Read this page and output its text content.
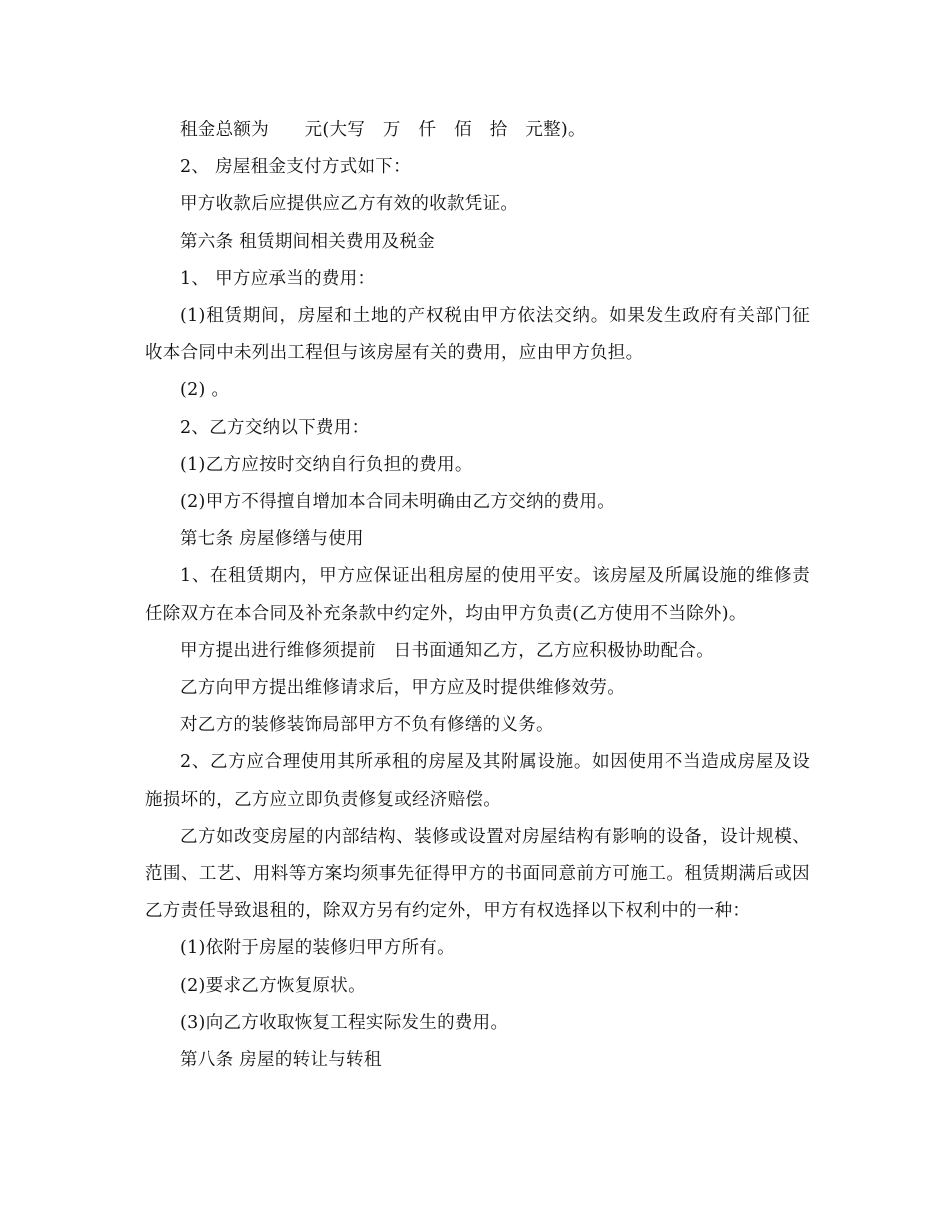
租金总额为　　元(大写　万　仟　佰　拾　元整)。

2、 房屋租金支付方式如下：

甲方收款后应提供应乙方有效的收款凭证。

第六条 租赁期间相关费用及税金

1、 甲方应承当的费用：

(1)租赁期间，房屋和土地的产权税由甲方依法交纳。如果发生政府有关部门征收本合同中未列出工程但与该房屋有关的费用，应由甲方负担。

(2) 。

2、乙方交纳以下费用：

(1)乙方应按时交纳自行负担的费用。

(2)甲方不得擅自增加本合同未明确由乙方交纳的费用。

第七条 房屋修缮与使用

1、在租赁期内，甲方应保证出租房屋的使用平安。该房屋及所属设施的维修责任除双方在本合同及补充条款中约定外，均由甲方负责(乙方使用不当除外)。

甲方提出进行维修须提前　日书面通知乙方，乙方应积极协助配合。

乙方向甲方提出维修请求后，甲方应及时提供维修效劳。

对乙方的装修装饰局部甲方不负有修缮的义务。

2、乙方应合理使用其所承租的房屋及其附属设施。如因使用不当造成房屋及设施损坏的，乙方应立即负责修复或经济赔偿。

乙方如改变房屋的内部结构、装修或设置对房屋结构有影响的设备，设计规模、范围、工艺、用料等方案均须事先征得甲方的书面同意前方可施工。租赁期满后或因乙方责任导致退租的，除双方另有约定外，甲方有权选择以下权利中的一种：

(1)依附于房屋的装修归甲方所有。

(2)要求乙方恢复原状。

(3)向乙方收取恢复工程实际发生的费用。

第八条 房屋的转让与转租
